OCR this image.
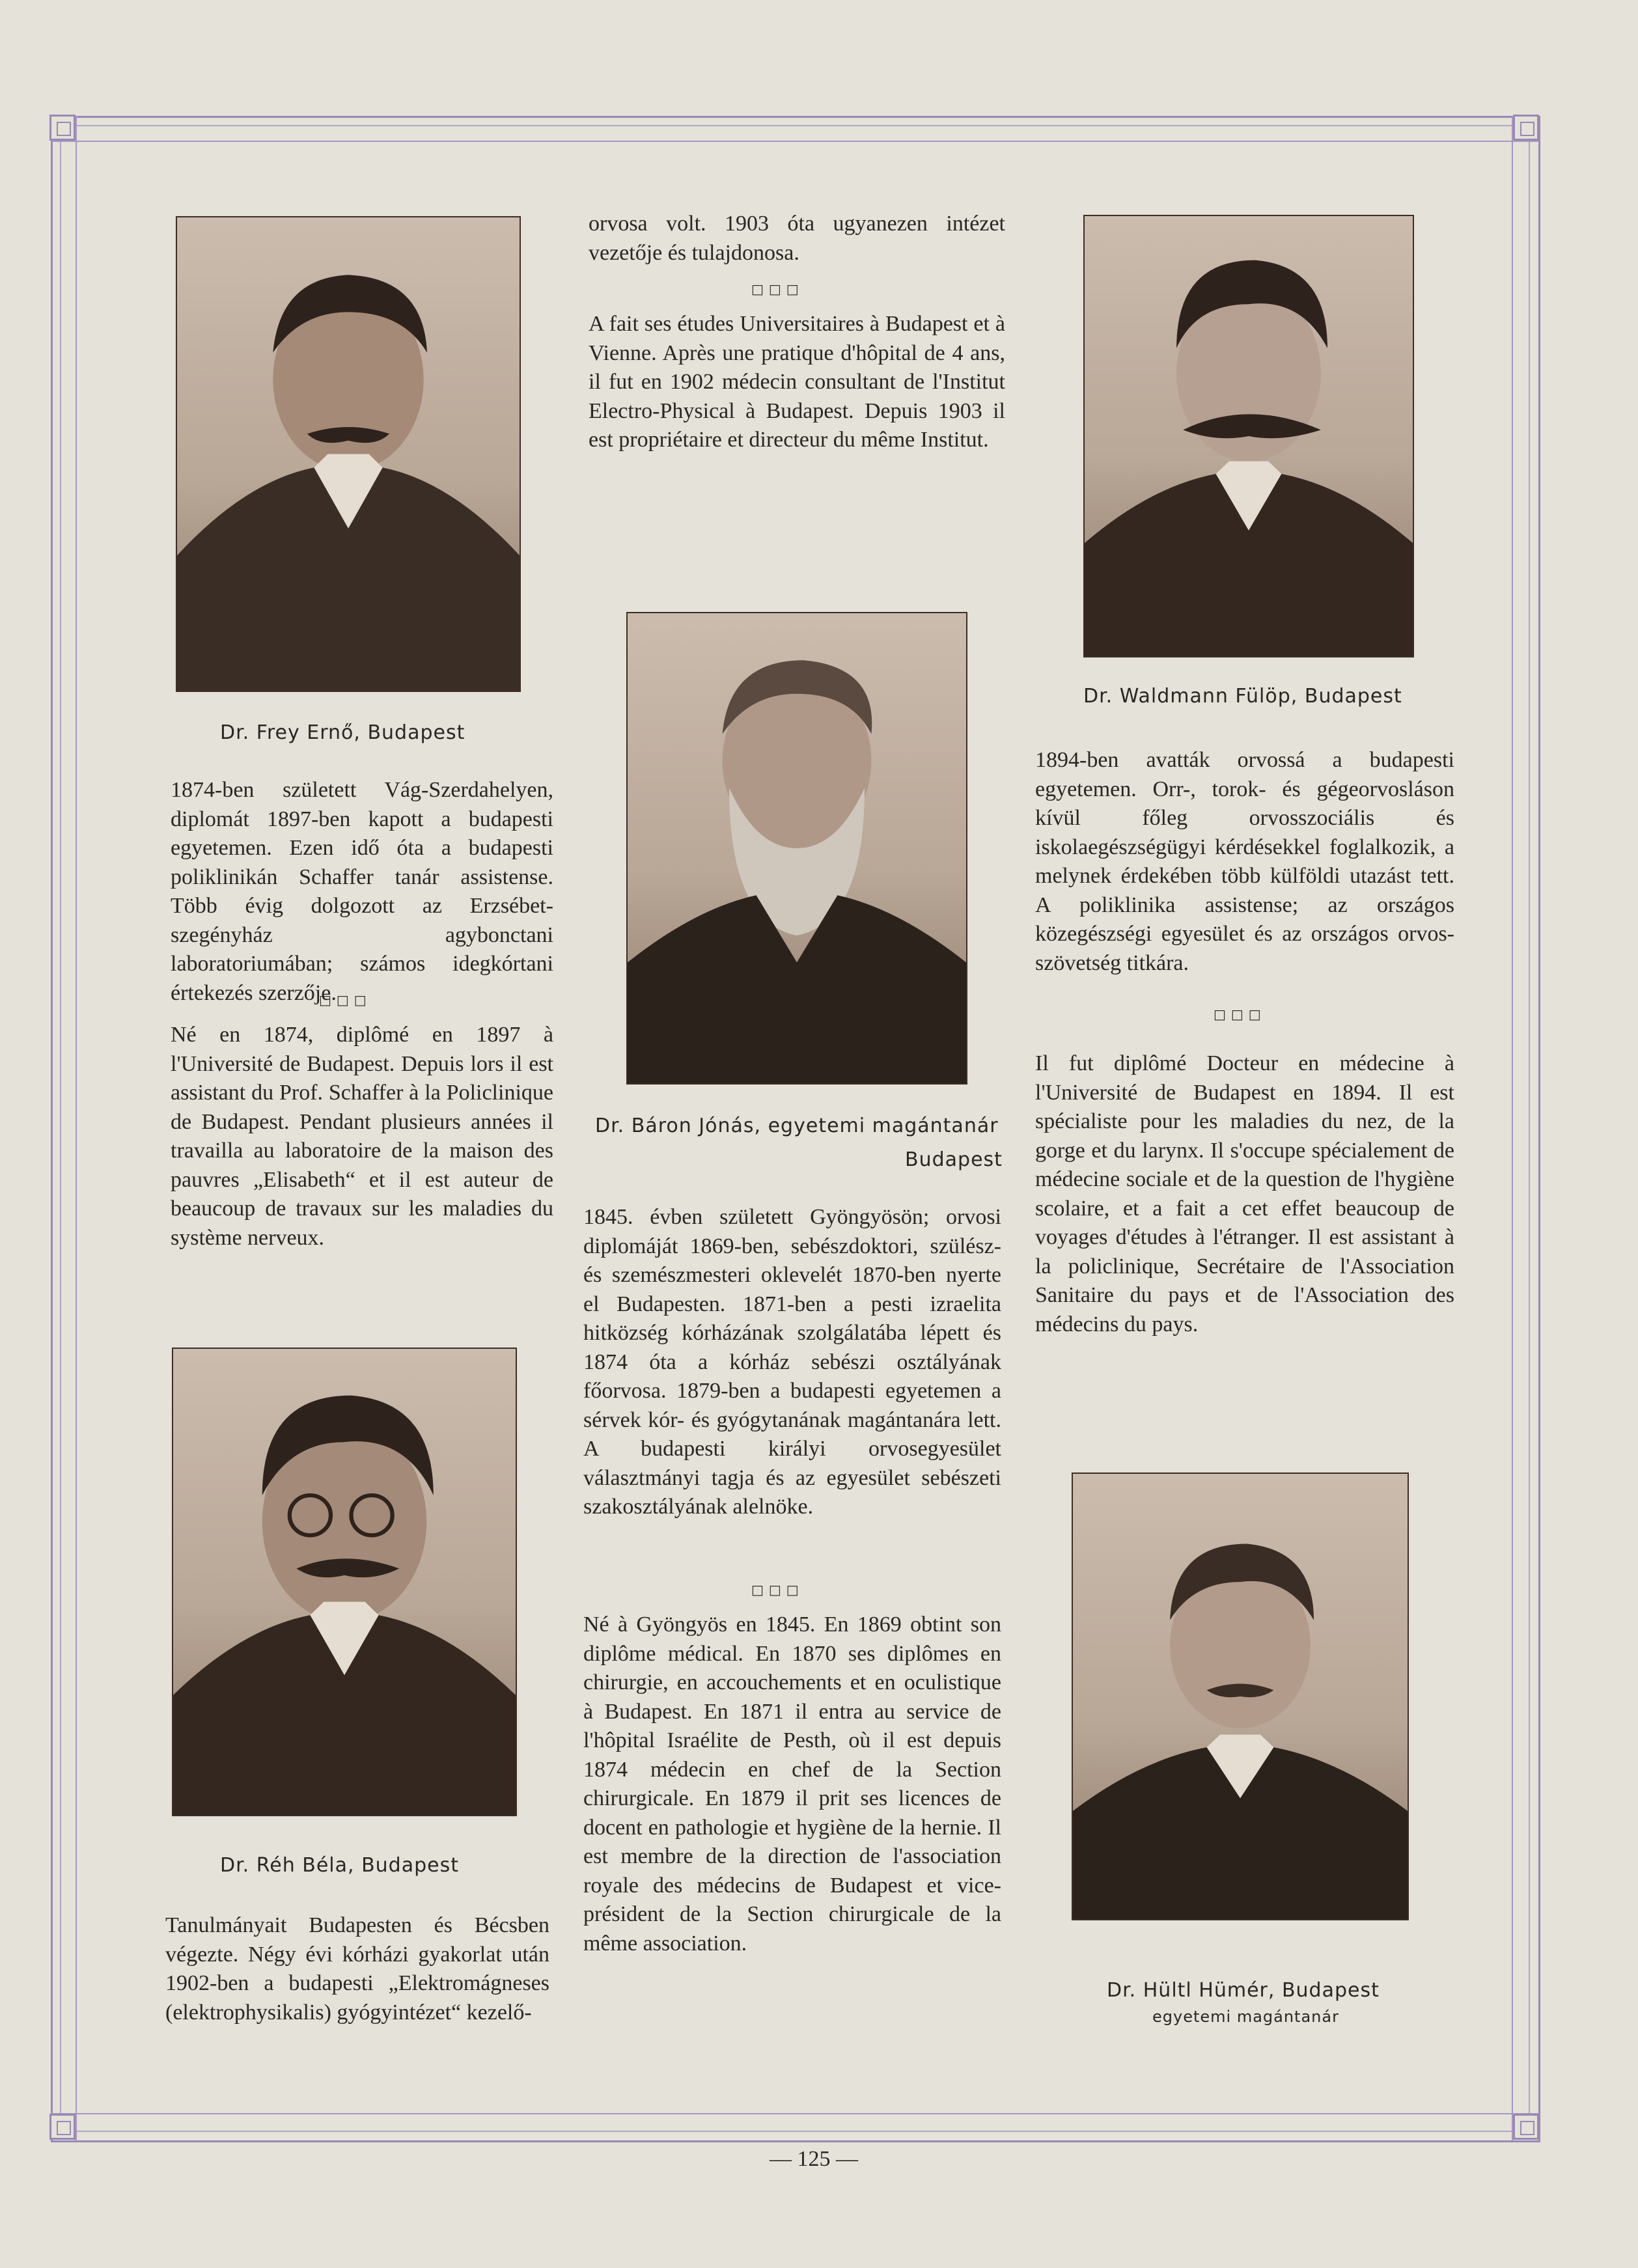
Dr. Frey Ernő, Budapest
1874-ben született Vág-Szerdahelyen, diplomát 1897-ben kapott a budapesti egyetemen. Ezen idő óta a budapesti poliklinikán Schaffer tanár assistense. Több évig dolgozott az Erzsébet-szegényház agybonctani laboratoriumában; számos idegkórtani értekezés szerzője.
□□□
Né en 1874, diplômé en 1897 à l'Université de Budapest. Depuis lors il est assistant du Prof. Schaffer à la Policlinique de Budapest. Pendant plusieurs années il travailla au laboratoire de la maison des pauvres „Elisabeth“ et il est auteur de beaucoup de travaux sur les maladies du système nerveux.
Dr. Réh Béla, Budapest
Tanulmányait Budapesten és Bécsben végezte. Négy évi kórházi gyakorlat után 1902-ben a budapesti „Elektromágneses (elektrophysikalis) gyógyintézet“ kezelő-
orvosa volt. 1903 óta ugyanezen intézet vezetője és tulajdonosa.
□□□
A fait ses études Universitaires à Budapest et à Vienne. Après une pratique d'hôpital de 4 ans, il fut en 1902 médecin consultant de l'Institut Electro-Physical à Budapest. Depuis 1903 il est propriétaire et directeur du même Institut.
Dr. Báron Jónás, egyetemi magántanár
Budapest
1845. évben született Gyöngyösön; orvosi diplomáját 1869-ben, sebészdoktori, szülész- és szemészmesteri oklevelét 1870-ben nyerte el Budapesten. 1871-ben a pesti izraelita hitközség kórházának szolgálatába lépett és 1874 óta a kórház sebészi osztályának főorvosa. 1879-ben a budapesti egyetemen a sérvek kór- és gyógytanának magántanára lett. A budapesti királyi orvosegyesület választmányi tagja és az egyesület sebészeti szakosztályának alelnöke.
□□□
Né à Gyöngyös en 1845. En 1869 obtint son diplôme médical. En 1870 ses diplômes en chirurgie, en accouchements et en oculistique à Budapest. En 1871 il entra au service de l'hôpital Israélite de Pesth, où il est depuis 1874 médecin en chef de la Section chirurgicale. En 1879 il prit ses licences de docent en pathologie et hygiène de la hernie. Il est membre de la direction de l'association royale des médecins de Budapest et vice-président de la Section chirurgicale de la même association.
Dr. Waldmann Fülöp, Budapest
1894-ben avatták orvossá a budapesti egyetemen. Orr-, torok- és gégeorvosláson kívül főleg orvosszociális és iskolaegészségügyi kérdésekkel foglalkozik, a melynek érdekében több külföldi utazást tett. A poliklinika assistense; az országos közegészségi egyesület és az országos orvos-szövetség titkára.
□□□
Il fut diplômé Docteur en médecine à l'Université de Budapest en 1894. Il est spécialiste pour les maladies du nez, de la gorge et du larynx. Il s'occupe spécialement de médecine sociale et de la question de l'hygiène scolaire, et a fait a cet effet beaucoup de voyages d'études à l'étranger. Il est assistant à la policlinique, Secrétaire de l'Association Sanitaire du pays et de l'Association des médecins du pays.
Dr. Hültl Hümér, Budapest
egyetemi magántanár
— 125 —
